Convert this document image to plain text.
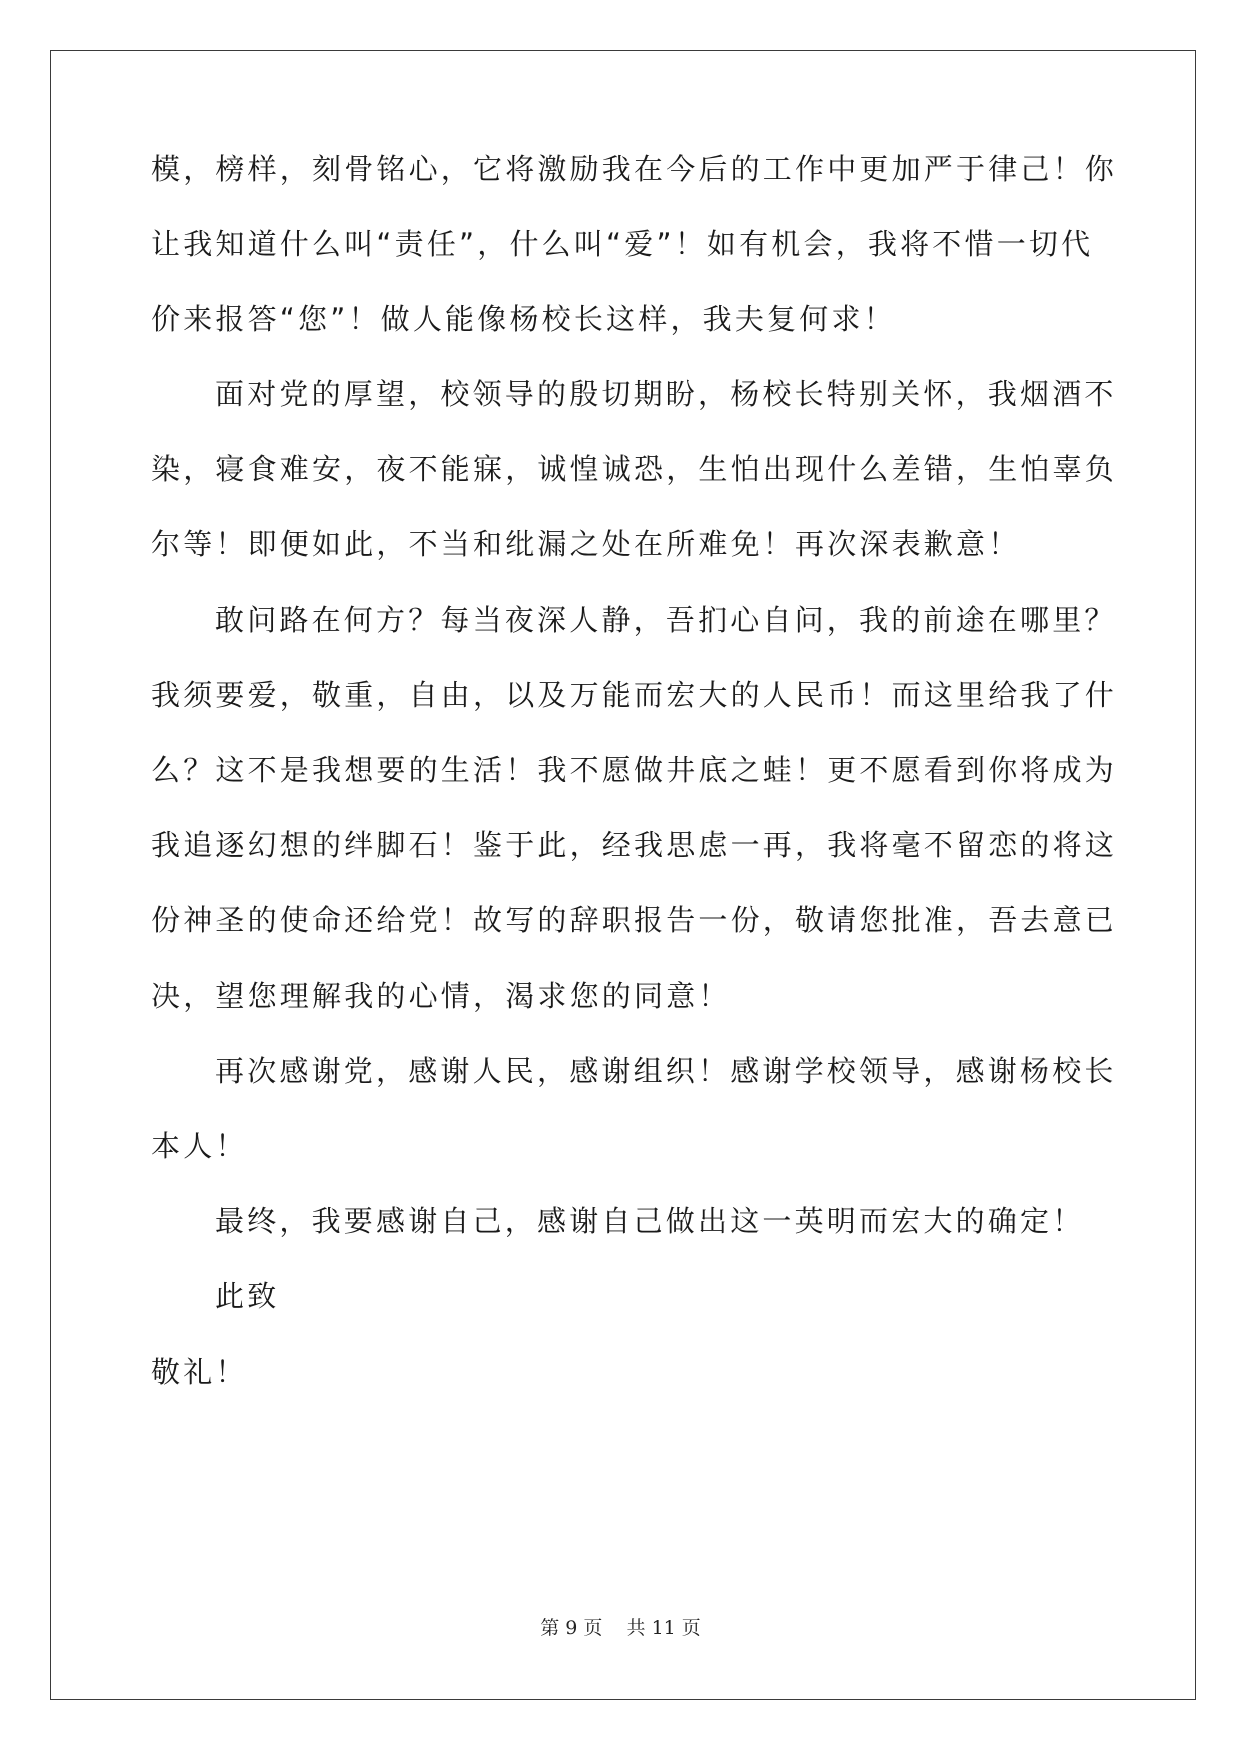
模，榜样，刻骨铭心，它将激励我在今后的工作中更加严于律己！你
让我知道什么叫“责任”，什么叫“爱”！如有机会，我将不惜一切代
价来报答“您”！做人能像杨校长这样，我夫复何求！
面对党的厚望，校领导的殷切期盼，杨校长特别关怀，我烟酒不
染，寝食难安，夜不能寐，诚惶诚恐，生怕出现什么差错，生怕辜负
尔等！即便如此，不当和纰漏之处在所难免！再次深表歉意！
敢问路在何方？每当夜深人静，吾扪心自问，我的前途在哪里？
我须要爱，敬重，自由，以及万能而宏大的人民币！而这里给我了什
么？这不是我想要的生活！我不愿做井底之蛙！更不愿看到你将成为
我追逐幻想的绊脚石！鉴于此，经我思虑一再，我将毫不留恋的将这
份神圣的使命还给党！故写的辞职报告一份，敬请您批准，吾去意已
决，望您理解我的心情，渴求您的同意！
再次感谢党，感谢人民，感谢组织！感谢学校领导，感谢杨校长
本人！
最终，我要感谢自己，感谢自己做出这一英明而宏大的确定！
此致
敬礼！
第 9 页    共 11 页
